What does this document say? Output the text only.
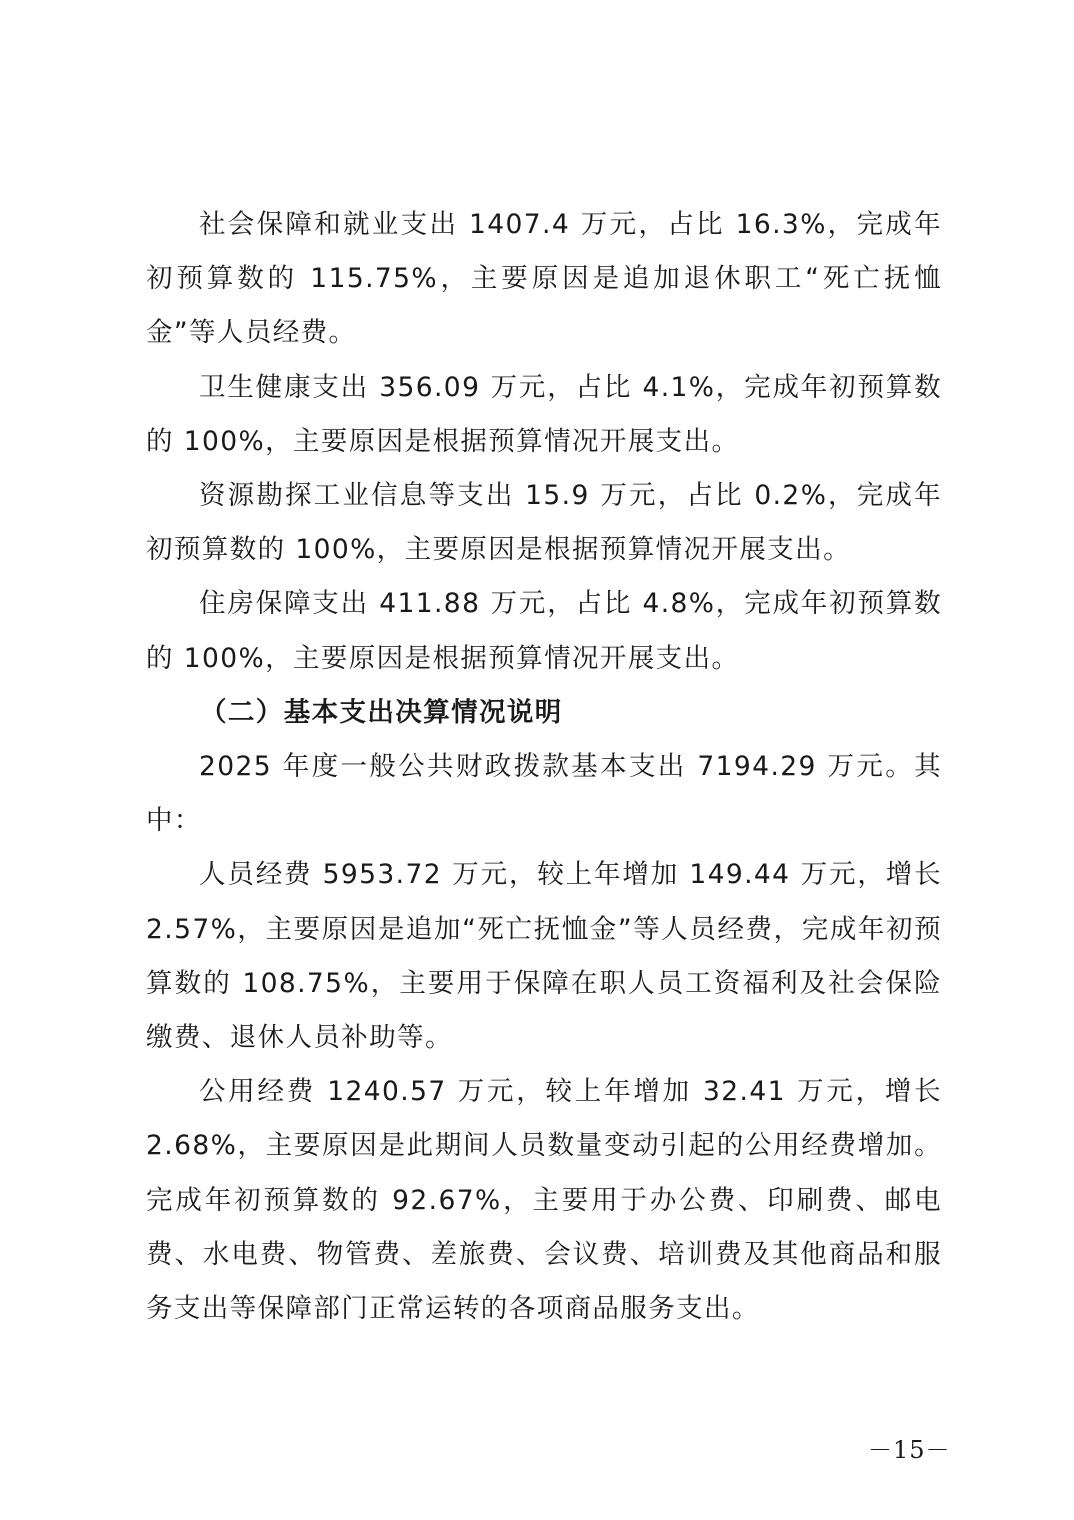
社会保障和就业支出 1407.4 万元，占比 16.3%，完成年初预算数的 115.75%，主要原因是追加退休职工“死亡抚恤金”等人员经费。

卫生健康支出 356.09 万元，占比 4.1%，完成年初预算数的 100%，主要原因是根据预算情况开展支出。

资源勘探工业信息等支出 15.9 万元，占比 0.2%，完成年初预算数的 100%，主要原因是根据预算情况开展支出。

住房保障支出 411.88 万元，占比 4.8%，完成年初预算数的 100%，主要原因是根据预算情况开展支出。

（二）基本支出决算情况说明

2025 年度一般公共财政拨款基本支出 7194.29 万元。其中：

人员经费 5953.72 万元，较上年增加 149.44 万元，增长 2.57%，主要原因是追加“死亡抚恤金”等人员经费，完成年初预算数的 108.75%，主要用于保障在职人员工资福利及社会保险缴费、退休人员补助等。

公用经费 1240.57 万元，较上年增加 32.41 万元，增长 2.68%，主要原因是此期间人员数量变动引起的公用经费增加。完成年初预算数的 92.67%，主要用于办公费、印刷费、邮电费、水电费、物管费、差旅费、会议费、培训费及其他商品和服务支出等保障部门正常运转的各项商品服务支出。

－15－
